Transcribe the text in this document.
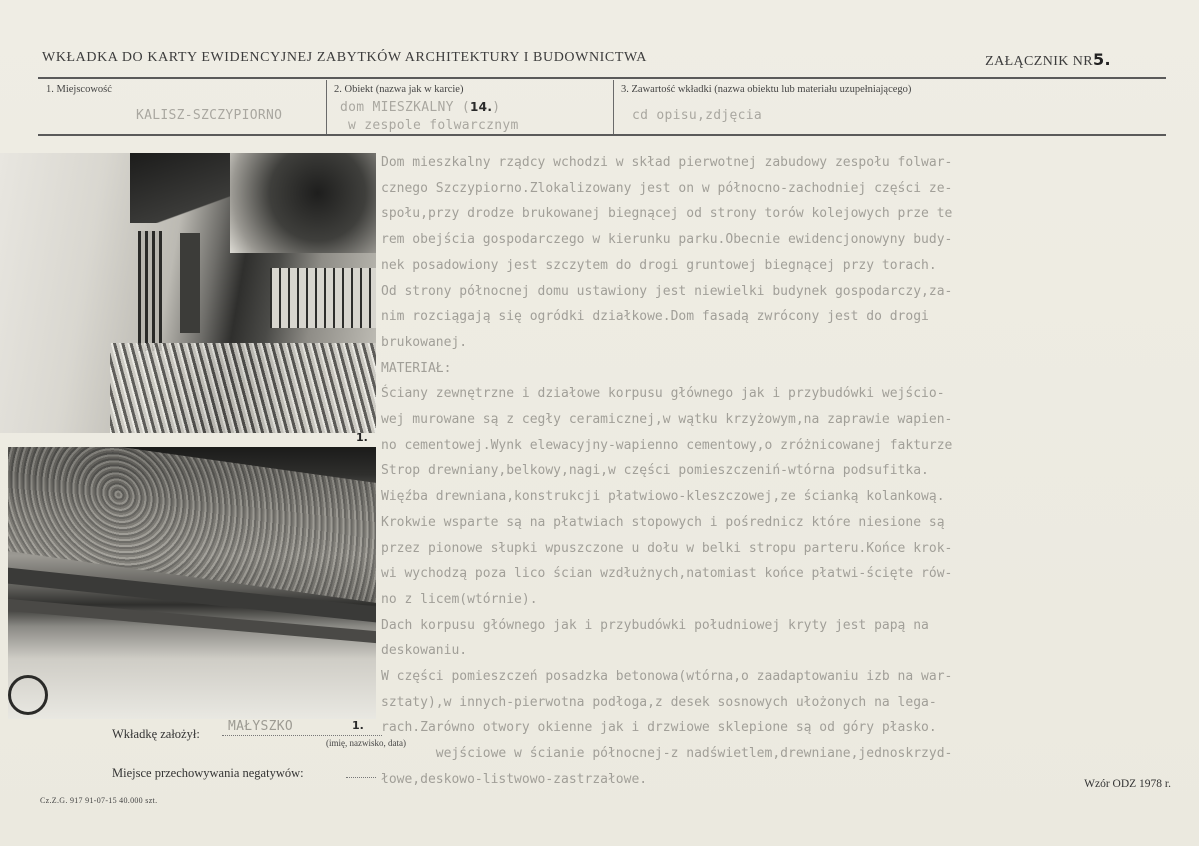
WKŁADKA DO KARTY EWIDENCYJNEJ ZABYTKÓW ARCHITEKTURY I BUDOWNICTWA	ZAŁĄCZNIK NR5.
1. Miejscowość
KALISZ-SZCZYPIORNO
2. Obiekt (nazwa jak w karcie)
dom MIESZKALNY (14.)
w zespole folwarcznym
3. Zawartość wkładki (nazwa obiektu lub materiału uzupełniającego)
cd opisu,zdjęcia
1.
Dom mieszkalny rządcy wchodzi w skład pierwotnej zabudowy zespołu folwar-
cznego Szczypiorno.Zlokalizowany jest on w północno-zachodniej części ze-
społu,przy drodze brukowanej biegnącej od strony torów kolejowych prze te
rem obejścia gospodarczego w kierunku parku.Obecnie ewidencjonowyny budy-
nek posadowiony jest szczytem do drogi gruntowej biegnącej przy torach.
Od strony północnej domu ustawiony jest niewielki budynek gospodarczy,za-
nim rozciągają się ogródki działkowe.Dom fasadą zwrócony jest do drogi
brukowanej.
MATERIAŁ:
Ściany zewnętrzne i działowe korpusu głównego jak i przybudówki wejścio-
wej murowane są z cegły ceramicznej,w wątku krzyżowym,na zaprawie wapien-
no cementowej.Wynk elewacyjny-wapienno cementowy,o zróżnicowanej fakturze
Strop drewniany,belkowy,nagi,w części pomieszczeniń-wtórna podsufitka.
Więźba drewniana,konstrukcji płatwiowo-kleszczowej,ze ścianką kolankową.
Krokwie wsparte są na płatwiach stopowych i pośrednicz które niesione są
przez pionowe słupki wpuszczone u dołu w belki stropu parteru.Końce krok-
wi wychodzą poza lico ścian wzdłużnych,natomiast końce płatwi-ścięte rów-
no z licem(wtórnie).
Dach korpusu głównego jak i przybudówki południowej kryty jest papą na
deskowaniu.
W części pomieszczeń posadzka betonowa(wtórna,o zaadaptowaniu izb na war-
sztaty),w innych-pierwotna podłoga,z desek sosnowych ułożonych na lega-
rach.Zarówno otwory okienne jak i drzwiowe sklepione są od góry płasko.
wejściowe w ścianie północnej-z nadświetlem,drewniane,jednoskrzyd-
łowe,deskowo-listwowo-zastrzałowe.
Wkładkę założył: MAŁYSZKO	1.
(imię, nazwisko, data)
Miejsce przechowywania negatywów:
Wzór ODZ 1978 r.
Cz.Z.G. 917 91-07-15 40.000 szt.
